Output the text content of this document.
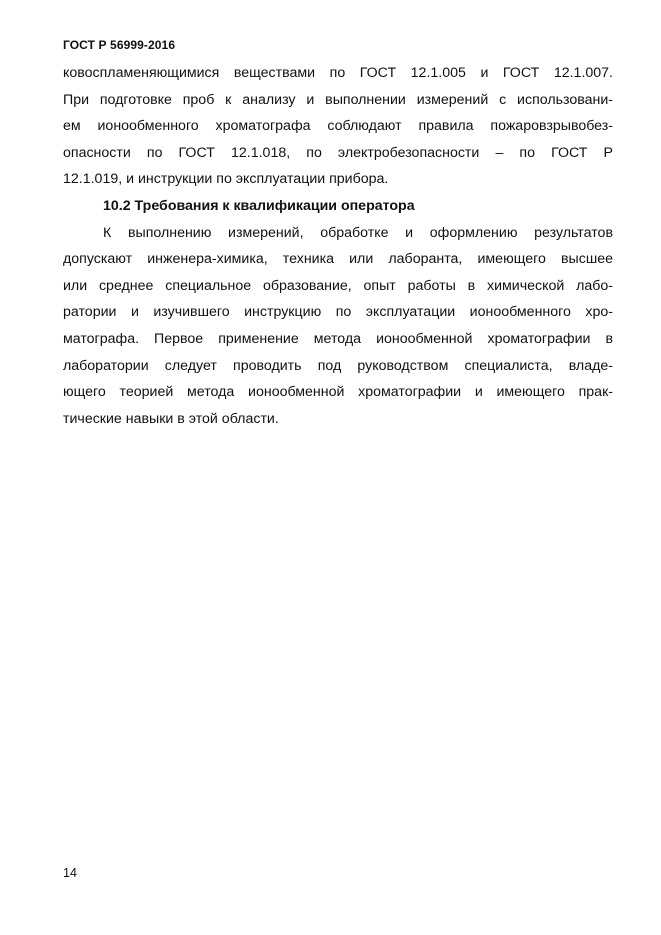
ГОСТ Р 56999-2016
ковоспламеняющимися веществами по ГОСТ 12.1.005 и ГОСТ 12.1.007.
При подготовке проб к анализу и выполнении измерений с использовани-
ем ионообменного хроматографа соблюдают правила пожаровзрывобез-
опасности по ГОСТ 12.1.018, по электробезопасности – по ГОСТ Р
12.1.019, и инструкции по эксплуатации прибора.
10.2 Требования к квалификации оператора
К выполнению измерений, обработке и оформлению результатов
допускают инженера-химика, техника или лаборанта, имеющего высшее
или среднее специальное образование, опыт работы в химической лабо-
ратории и изучившего инструкцию по эксплуатации ионообменного хро-
матографа. Первое применение метода ионообменной хроматографии в
лаборатории следует проводить под руководством специалиста, владе-
ющего теорией метода ионообменной хроматографии и имеющего прак-
тические навыки в этой области.
14
